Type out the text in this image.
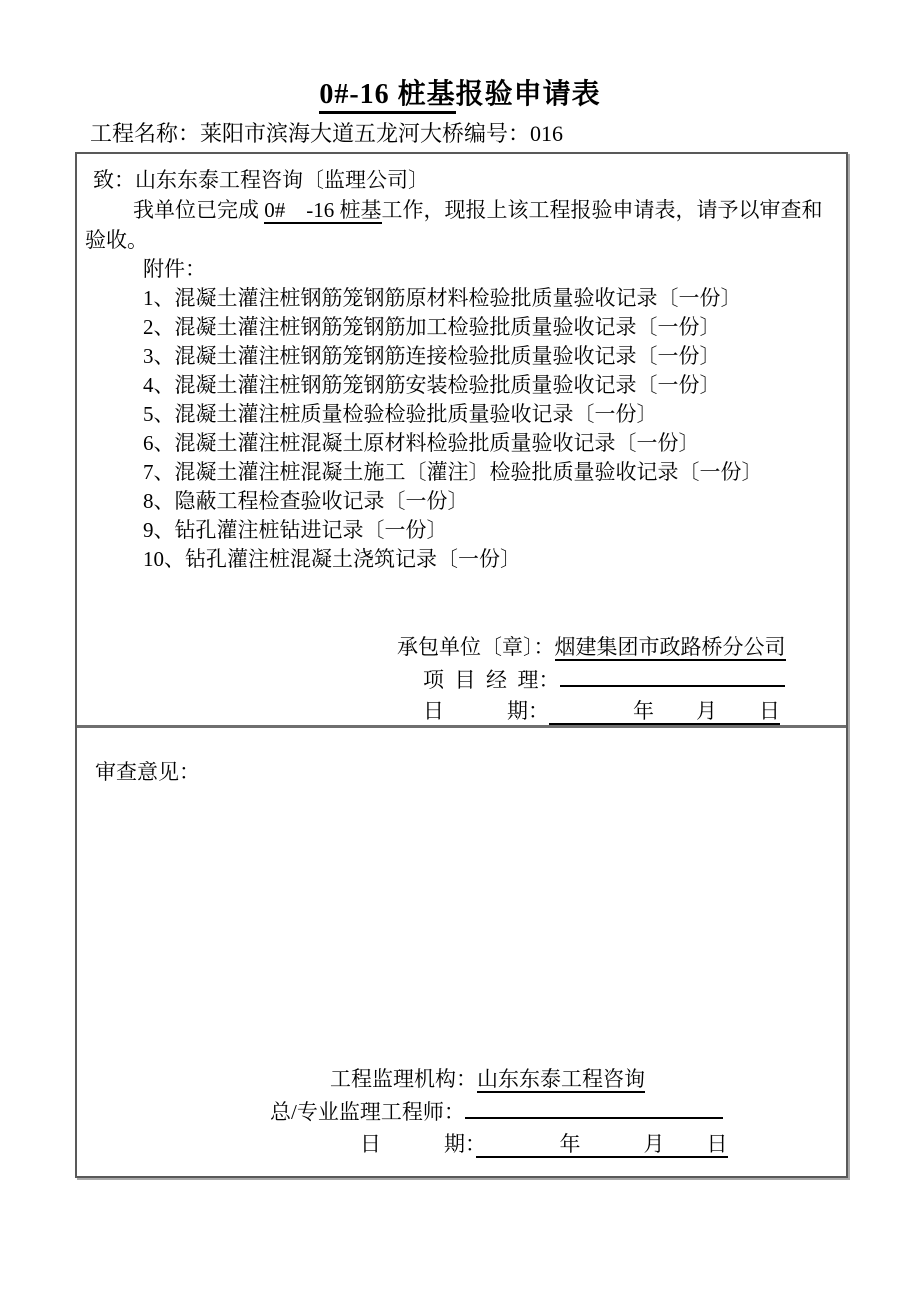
0#-16 桩基报验申请表
工程名称：莱阳市滨海大道五龙河大桥编号：016
致：山东东泰工程咨询〔监理公司〕

我单位已完成 0#　-16 桩基工作，现报上该工程报验申请表，请予以审查和
验收。

附件：
1、混凝土灌注桩钢筋笼钢筋原材料检验批质量验收记录〔一份〕
2、混凝土灌注桩钢筋笼钢筋加工检验批质量验收记录〔一份〕
3、混凝土灌注桩钢筋笼钢筋连接检验批质量验收记录〔一份〕
4、混凝土灌注桩钢筋笼钢筋安装检验批质量验收记录〔一份〕
5、混凝土灌注桩质量检验检验批质量验收记录〔一份〕
6、混凝土灌注桩混凝土原材料检验批质量验收记录〔一份〕
7、混凝土灌注桩混凝土施工〔灌注〕检验批质量验收记录〔一份〕
8、隐蔽工程检查验收记录〔一份〕
9、钻孔灌注桩钻进记录〔一份〕
10、钻孔灌注桩混凝土浇筑记录〔一份〕
承包单位〔章〕：烟建集团市政路桥分公司
项 目 经 理：
日　　　期：　　　　年　　月　　日
审查意见：
工程监理机构：山东东泰工程咨询
总/专业监理工程师：
日　　　期：　　　　年　　　月　　日
